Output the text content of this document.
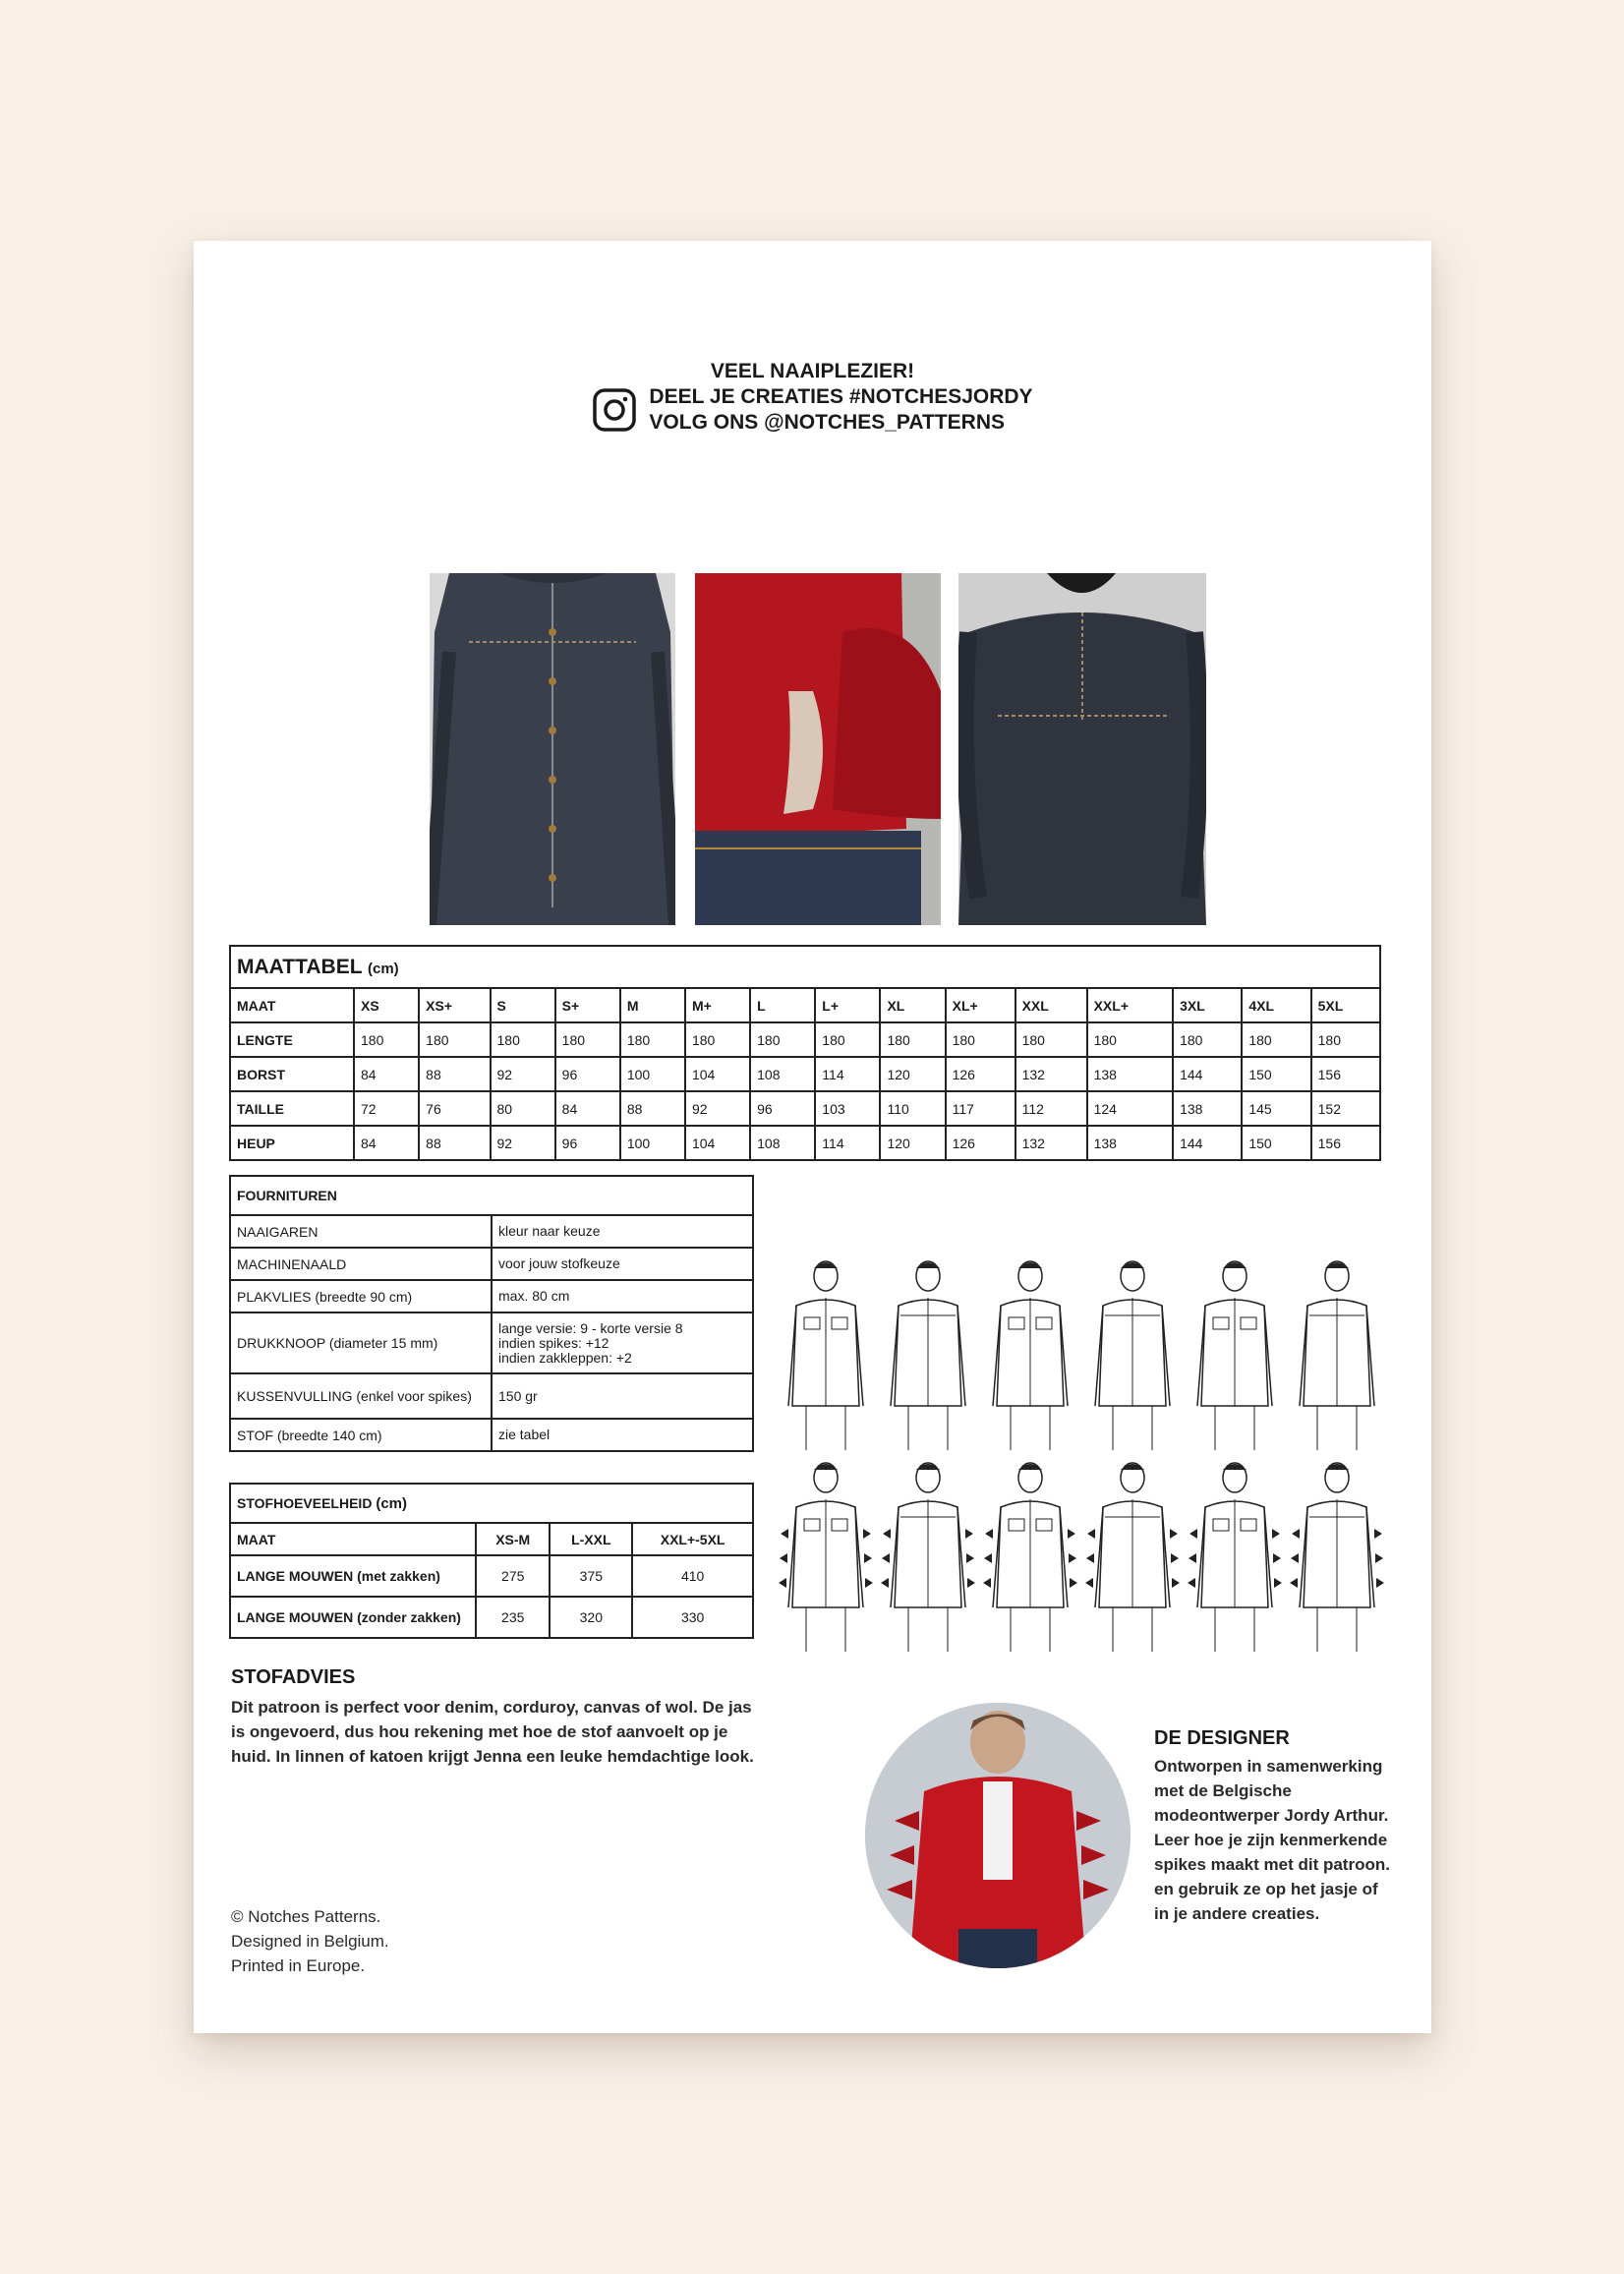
VEEL NAAIPLEZIER!
DEEL JE CREATIES #NOTCHESJORDY
VOLG ONS @NOTCHES_PATTERNS
MAATTABEL (cm)															
MAAT	XS	XS+	S	S+	M	M+	L	L+	XL	XL+	XXL	XXL+	3XL	4XL	5XL
LENGTE	180	180	180	180	180	180	180	180	180	180	180	180	180	180	180
BORST	84	88	92	96	100	104	108	114	120	126	132	138	144	150	156
TAILLE	72	76	80	84	88	92	96	103	110	117	112	124	138	145	152
HEUP	84	88	92	96	100	104	108	114	120	126	132	138	144	150	156
FOURNITUREN	
NAAIGAREN	kleur naar keuze
MACHINENAALD	voor jouw stofkeuze
PLAKVLIES (breedte 90 cm)	max. 80 cm
DRUKKNOOP (diameter 15 mm)	lange versie: 9 - korte versie 8
indien spikes: +12
indien zakkleppen: +2
KUSSENVULLING (enkel voor spikes)	150 gr
STOF (breedte 140 cm)	zie tabel
STOFHOEVEELHEID (cm)			
MAAT	XS-M	L-XXL	XXL+-5XL
LANGE MOUWEN (met zakken)	275	375	410
LANGE MOUWEN (zonder zakken)	235	320	330
STOFADVIES

Dit patroon is perfect voor denim, corduroy, canvas of wol. De jas is ongevoerd, dus hou rekening met hoe de stof aanvoelt op je huid. In linnen of katoen krijgt Jenna een leuke hemdachtige look.

© Notches Patterns.
Designed in Belgium.
Printed in Europe.
DE DESIGNER

Ontworpen in samenwerking met de Belgische modeontwerper Jordy Arthur. Leer hoe je zijn kenmerkende spikes maakt met dit patroon. en gebruik ze op het jasje of in je andere creaties.
